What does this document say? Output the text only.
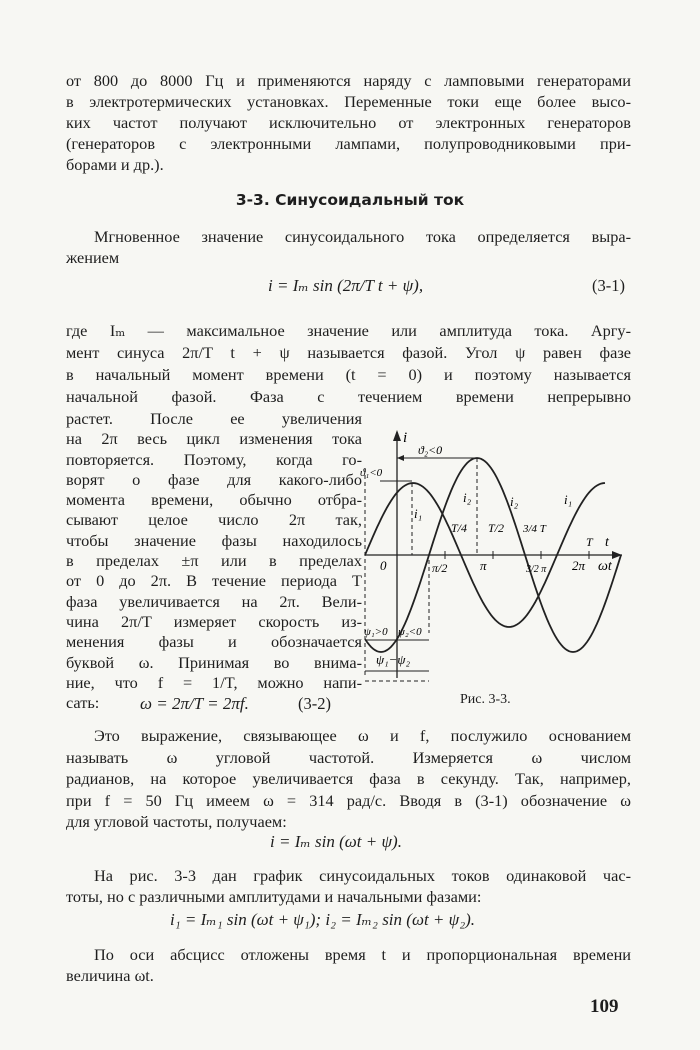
от 800 до 8000 Гц и применяются наряду с ламповыми генераторами
в электротермических установках. Переменные токи еще более высо-
ких частот получают исключительно от электронных генераторов
(генераторов с электронными лампами, полупроводниковыми при-
борами и др.).
3-3. Синусоидальный ток
Мгновенное значение синусоидального тока определяется выра-
жением
i = Iₘ sin (2π/T t + ψ),	(3-1)
где Iₘ — максимальное значение или амплитуда тока. Аргу-
мент синуса 2π/T t + ψ называется фазой. Угол ψ равен фазе
в начальный момент времени (t = 0) и поэтому называется
начальной фазой. Фаза с течением времени непрерывно
растет. После ее увеличения
на 2π весь цикл изменения тока
повторяется. Поэтому, когда го-
ворят о фазе для какого-либо
момента времени, обычно отбра-
сывают целое число 2π так,
чтобы значение фазы находилось
в пределах ±π или в пределах
от 0 до 2π. В течение периода T
фаза увеличивается на 2π. Вели-
чина 2π/T измеряет скорость из-
менения фазы и обозначается
буквой ω. Принимая во внима-
ние, что f = 1/T, можно напи-
сать:	ω = 2π/T = 2πf.	(3-2)
i
ϑ₂<0
ϑ₁<0
i₁
i₂	i₂	i₁
T/4 T/2 3/4 T
T t
0	π/2	π	3/2 π 2π ωt
ψ₁>0 ψ₂<0
ψ₁−ψ₂
Рис. 3-3.
Это выражение, связывающее ω и f, послужило основанием
называть ω угловой частотой. Измеряется ω числом
радианов, на которое увеличивается фаза в секунду. Так, например,
при f = 50 Гц имеем ω = 314 рад/с. Вводя в (3-1) обозначение ω
для угловой частоты, получаем:
i = Iₘ sin (ωt + ψ).
На рис. 3-3 дан график синусоидальных токов одинаковой час-
тоты, но с различными амплитудами и начальными фазами:
i₁ = Iₘ₁ sin (ωt + ψ₁); i₂ = Iₘ₂ sin (ωt + ψ₂).
По оси абсцисс отложены время t и пропорциональная времени
величина ωt.
109
